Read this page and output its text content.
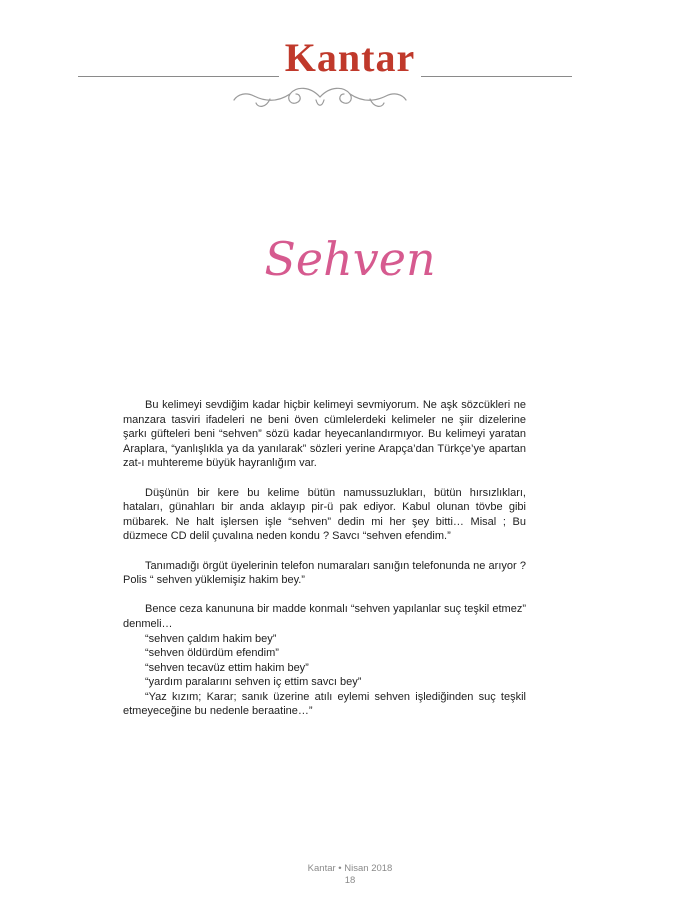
Kantar
Sehven

Bu kelimeyi sevdiğim kadar hiçbir kelimeyi sevmiyorum. Ne aşk sözcükleri ne manzara tasviri ifadeleri ne beni öven cümlelerdeki kelimeler ne şiir dizelerine şarkı güfteleri beni “sehven” sözü kadar heyecanlandırmıyor. Bu kelimeyi yaratan Araplara, “yanlışlıkla ya da yanılarak” sözleri yerine Arapça’dan Türkçe’ye apartan zat-ı muhtereme büyük hayranlığım var.

Düşünün bir kere bu kelime bütün namussuzlukları, bütün hırsızlıkları, hataları, günahları bir anda aklayıp pir-ü pak ediyor. Kabul olunan tövbe gibi mübarek. Ne halt işlersen işle “sehven” dedin mi her şey bitti… Misal ; Bu düzmece CD delil çuvalına neden kondu ? Savcı “sehven efendim.”

Tanımadığı örgüt üyelerinin telefon numaraları sanığın telefonunda ne arıyor ? Polis “ sehven yüklemişiz hakim bey.”

Bence ceza kanununa bir madde konmalı “sehven yapılanlar suç teşkil etmez” denmeli…

“sehven çaldım hakim bey”

“sehven öldürdüm efendim”

“sehven tecavüz ettim hakim bey”

“yardım paralarını sehven iç ettim savcı bey”

“Yaz kızım; Karar; sanık üzerine atılı eylemi sehven işlediğinden suç teşkil etmeyeceğine bu nedenle beraatine…”

Kantar • Nisan 2018
18
